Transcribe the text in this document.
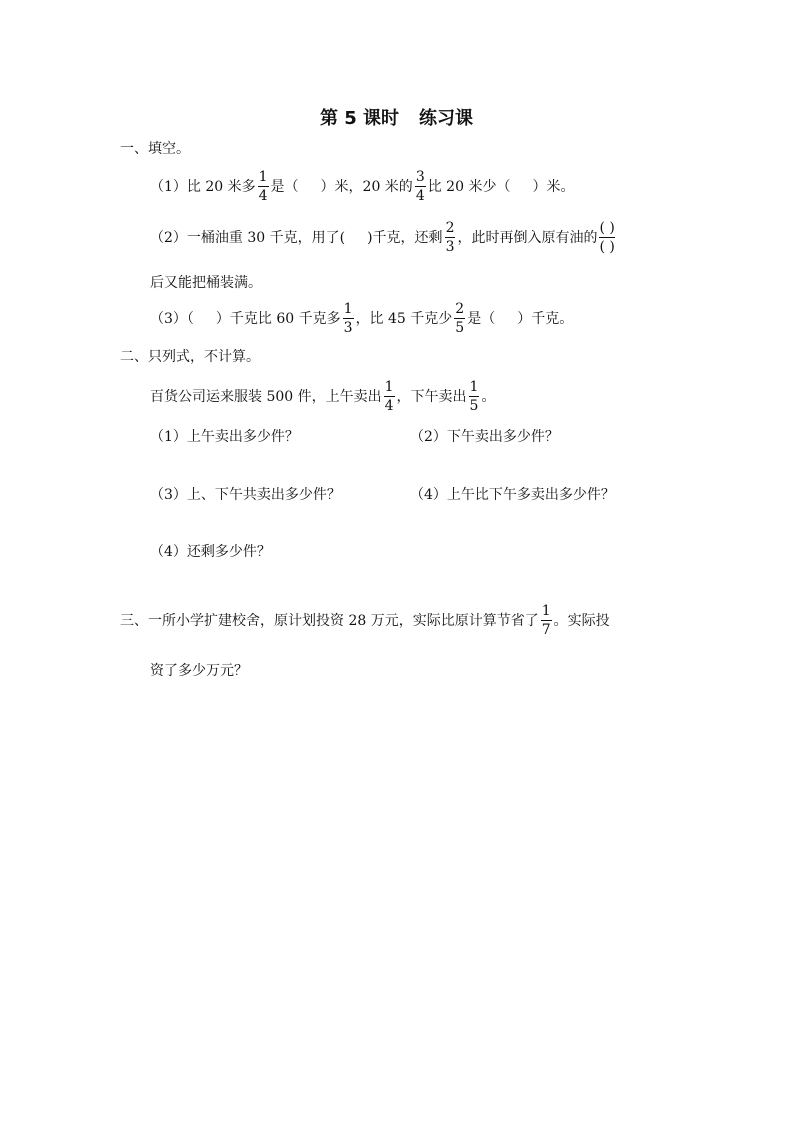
第 5 课时 练习课
一、填空。
（1）比 20 米多 $\frac{1}{4}$ 是（ ）米，20 米的 $\frac{3}{4}$ 比 20 米少（ ）米。
（2）一桶油重 30 千克，用了( )千克，还剩 $\frac{2}{3}$ ，此时再倒入原有油的 $\frac{( )}{( )}$
后又能把桶装满。
（3）（ ）千克比 60 千克多 $\frac{1}{3}$ ，比 45 千克少 $\frac{2}{5}$ 是（ ）千克。
二、只列式，不计算。
百货公司运来服装 500 件，上午卖出 $\frac{1}{4}$ ，下午卖出 $\frac{1}{5}$ 。
（1）上午卖出多少件？	（2）下午卖出多少件？
（3）上、下午共卖出多少件？	（4）上午比下午多卖出多少件？
（4）还剩多少件？
三、一所小学扩建校舍，原计划投资 28 万元，实际比原计算节省了 $\frac{1}{7}$ 。实际投
资了多少万元？
